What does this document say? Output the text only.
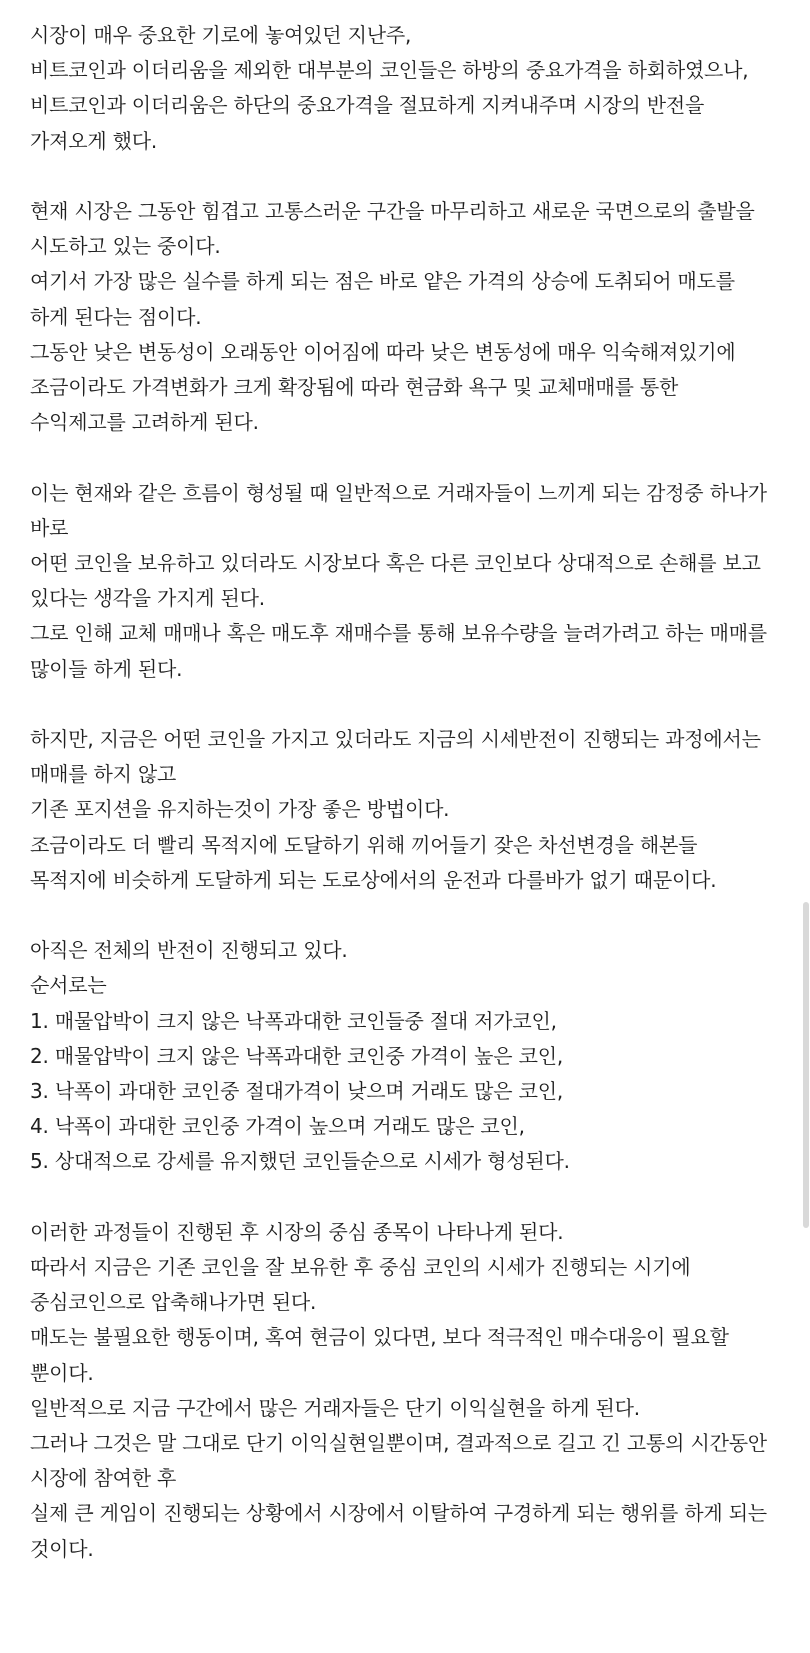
시장이 매우 중요한 기로에 놓여있던 지난주,

비트코인과 이더리움을 제외한 대부분의 코인들은 하방의 중요가격을 하회하였으나,

비트코인과 이더리움은 하단의 중요가격을 절묘하게 지켜내주며 시장의 반전을 가져오게 했다.

현재 시장은 그동안 힘겹고 고통스러운 구간을 마무리하고 새로운 국면으로의 출발을 시도하고 있는 중이다.

여기서 가장 많은 실수를 하게 되는 점은 바로 얕은 가격의 상승에 도취되어 매도를 하게 된다는 점이다.

그동안 낮은 변동성이 오래동안 이어짐에 따라 낮은 변동성에 매우 익숙해져있기에

조금이라도 가격변화가 크게 확장됨에 따라 현금화 욕구 및 교체매매를 통한 수익제고를 고려하게 된다.

이는 현재와 같은 흐름이 형성될 때 일반적으로 거래자들이 느끼게 되는 감정중 하나가 바로

어떤 코인을 보유하고 있더라도 시장보다 혹은 다른 코인보다 상대적으로 손해를 보고 있다는 생각을 가지게 된다.

그로 인해 교체 매매나 혹은 매도후 재매수를 통해 보유수량을 늘려가려고 하는 매매를 많이들 하게 된다.

하지만, 지금은 어떤 코인을 가지고 있더라도 지금의 시세반전이 진행되는 과정에서는 매매를 하지 않고

기존 포지션을 유지하는것이 가장 좋은 방법이다.

조금이라도 더 빨리 목적지에 도달하기 위해 끼어들기 잦은 차선변경을 해본들

목적지에 비슷하게 도달하게 되는 도로상에서의 운전과 다를바가 없기 때문이다.

아직은 전체의 반전이 진행되고 있다.

순서로는

1. 매물압박이 크지 않은 낙폭과대한 코인들중 절대 저가코인,

2. 매물압박이 크지 않은 낙폭과대한 코인중 가격이 높은 코인,

3. 낙폭이 과대한 코인중 절대가격이 낮으며 거래도 많은 코인,

4. 낙폭이 과대한 코인중 가격이 높으며 거래도 많은 코인,

5. 상대적으로 강세를 유지했던 코인들순으로 시세가 형성된다.

이러한 과정들이 진행된 후 시장의 중심 종목이 나타나게 된다.

따라서 지금은 기존 코인을 잘 보유한 후 중심 코인의 시세가 진행되는 시기에 중심코인으로 압축해나가면 된다.

매도는 불필요한 행동이며, 혹여 현금이 있다면, 보다 적극적인 매수대응이 필요할 뿐이다.

일반적으로 지금 구간에서 많은 거래자들은 단기 이익실현을 하게 된다.

그러나 그것은 말 그대로 단기 이익실현일뿐이며, 결과적으로 길고 긴 고통의 시간동안 시장에 참여한 후

실제 큰 게임이 진행되는 상황에서 시장에서 이탈하여 구경하게 되는 행위를 하게 되는 것이다.
